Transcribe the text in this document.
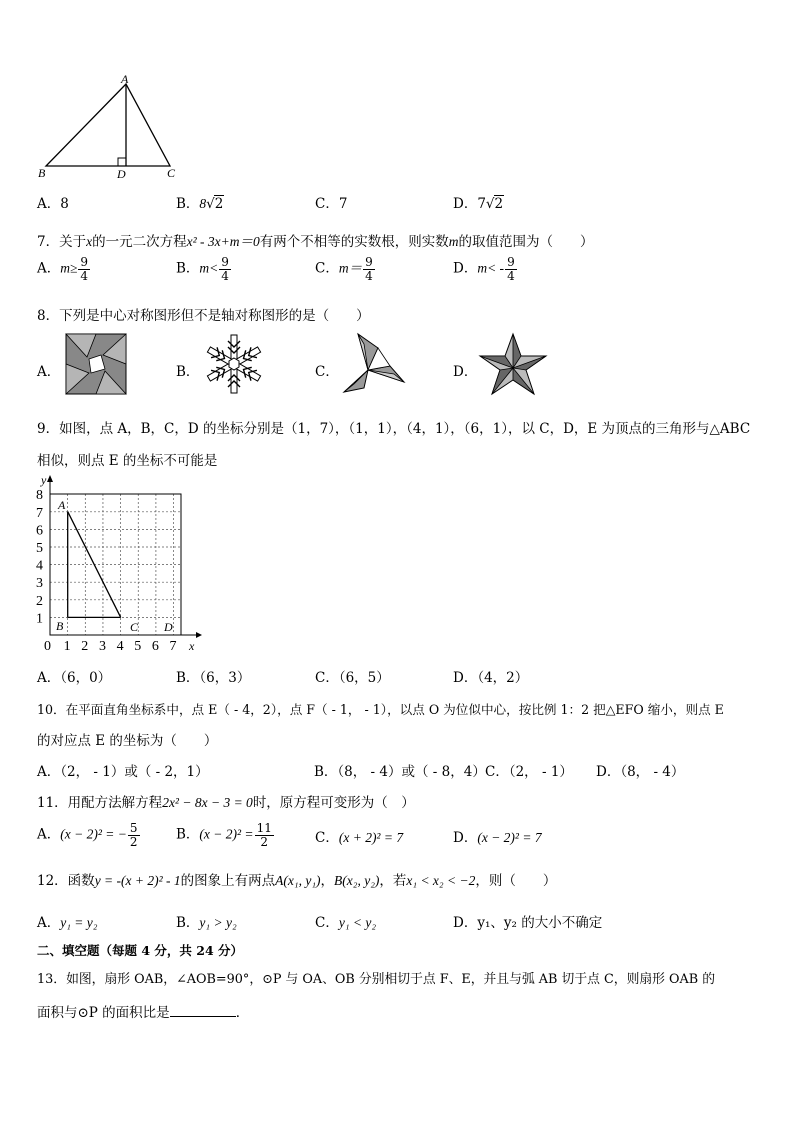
A
B	D	C
A．8	B．8√2	C．7	D．7√2
7．关于x的一元二次方程x² - 3x+m＝0有两个不相等的实数根，则实数m的取值范围为（　　）
A．$m\ge \frac{9}{4}$	B．$m< \frac{9}{4}$	C．$m= \frac{9}{4}$	D．$m< - \frac{9}{4}$
8．下列是中心对称图形但不是轴对称图形的是（　　）
A．	B．	C．	D．
9．如图，点 A，B，C，D 的坐标分别是（1，7），（1，1），（4，1），（6，1），以 C，D，E 为顶点的三角形与△ABC
相似，则点 E 的坐标不可能是
y
x
1
2
3
4
5
6
7
8
0 1 2 3 4 5 6 7
A
B	C D
A．（6，0）	B．（6，3）	C．（6，5）	D．（4，2）
10．在平面直角坐标系中，点 E（ - 4，2），点 F（ - 1， - 1），以点 O 为位似中心，按比例 1：2 把△EFO 缩小，则点 E
的对应点 E 的坐标为（　　）
A．（2， - 1）或（ - 2，1）	B．（8， - 4）或（ - 8，4） C．（2， - 1） D．（8， - 4）
11．用配方法解方程2x² − 8x − 3 = 0时，原方程可变形为（　）
A．(x − 2)² = − $\frac{5}{2}$	B．$(x - 2)^2 = \frac{11}{2}$	C．(x + 2)² = 7	D．(x − 2)² = 7
12．函数y = -(x + 2)² - 1的图象上有两点A(x₁, y₁)，B(x₂, y₂)，若x₁ < x₂ < −2，则（　　）
A．y₁ = y₂	B．y₁ > y₂	C．y₁ < y₂	D．y₁、y₂ 的大小不确定
二、填空题（每题 4 分，共 24 分）
13．如图，扇形 OAB，∠AOB=90°，⊙P 与 OA、OB 分别相切于点 F、E，并且与弧 AB 切于点 C，则扇形 OAB 的
面积与⊙P 的面积比是	．
